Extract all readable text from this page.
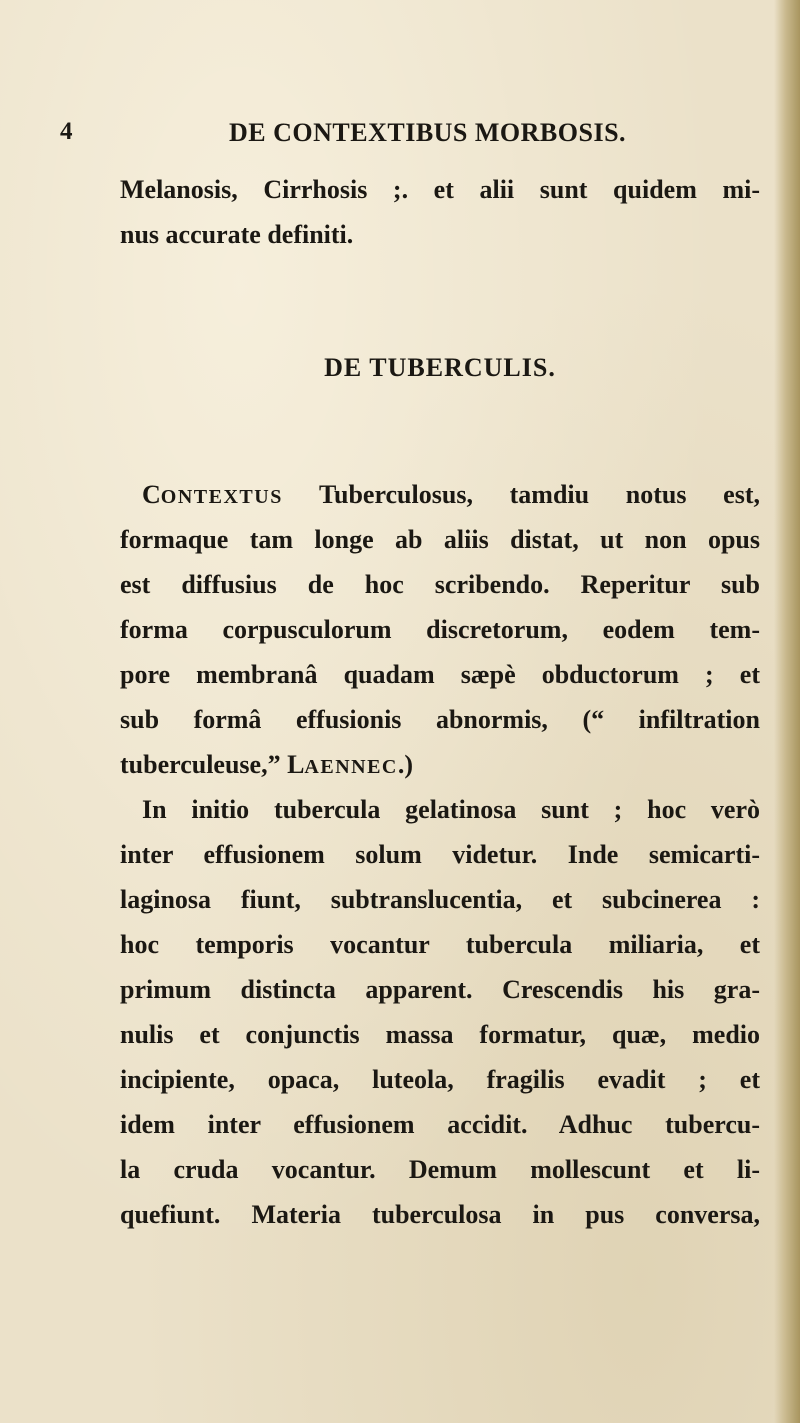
4	DE CONTEXTIBUS MORBOSIS.
Melanosis, Cirrhosis ;. et alii sunt quidem mi-
nus accurate definiti.
DE TUBERCULIS.
CONTEXTUS Tuberculosus, tamdiu notus est,
formaque tam longe ab aliis distat, ut non opus
est diffusius de hoc scribendo. Reperitur sub
forma corpusculorum discretorum, eodem tem-
pore membranâ quadam sæpè obductorum ; et
sub formâ effusionis abnormis, (“ infiltration
tuberculeuse,” LAENNEC.)
In initio tubercula gelatinosa sunt ; hoc verò
inter effusionem solum videtur. Inde semicarti-
laginosa fiunt, subtranslucentia, et subcinerea :
hoc temporis vocantur tubercula miliaria, et
primum distincta apparent. Crescendis his gra-
nulis et conjunctis massa formatur, quæ, medio
incipiente, opaca, luteola, fragilis evadit ; et
idem inter effusionem accidit. Adhuc tubercu-
la cruda vocantur. Demum mollescunt et li-
quefiunt. Materia tuberculosa in pus conversa,
